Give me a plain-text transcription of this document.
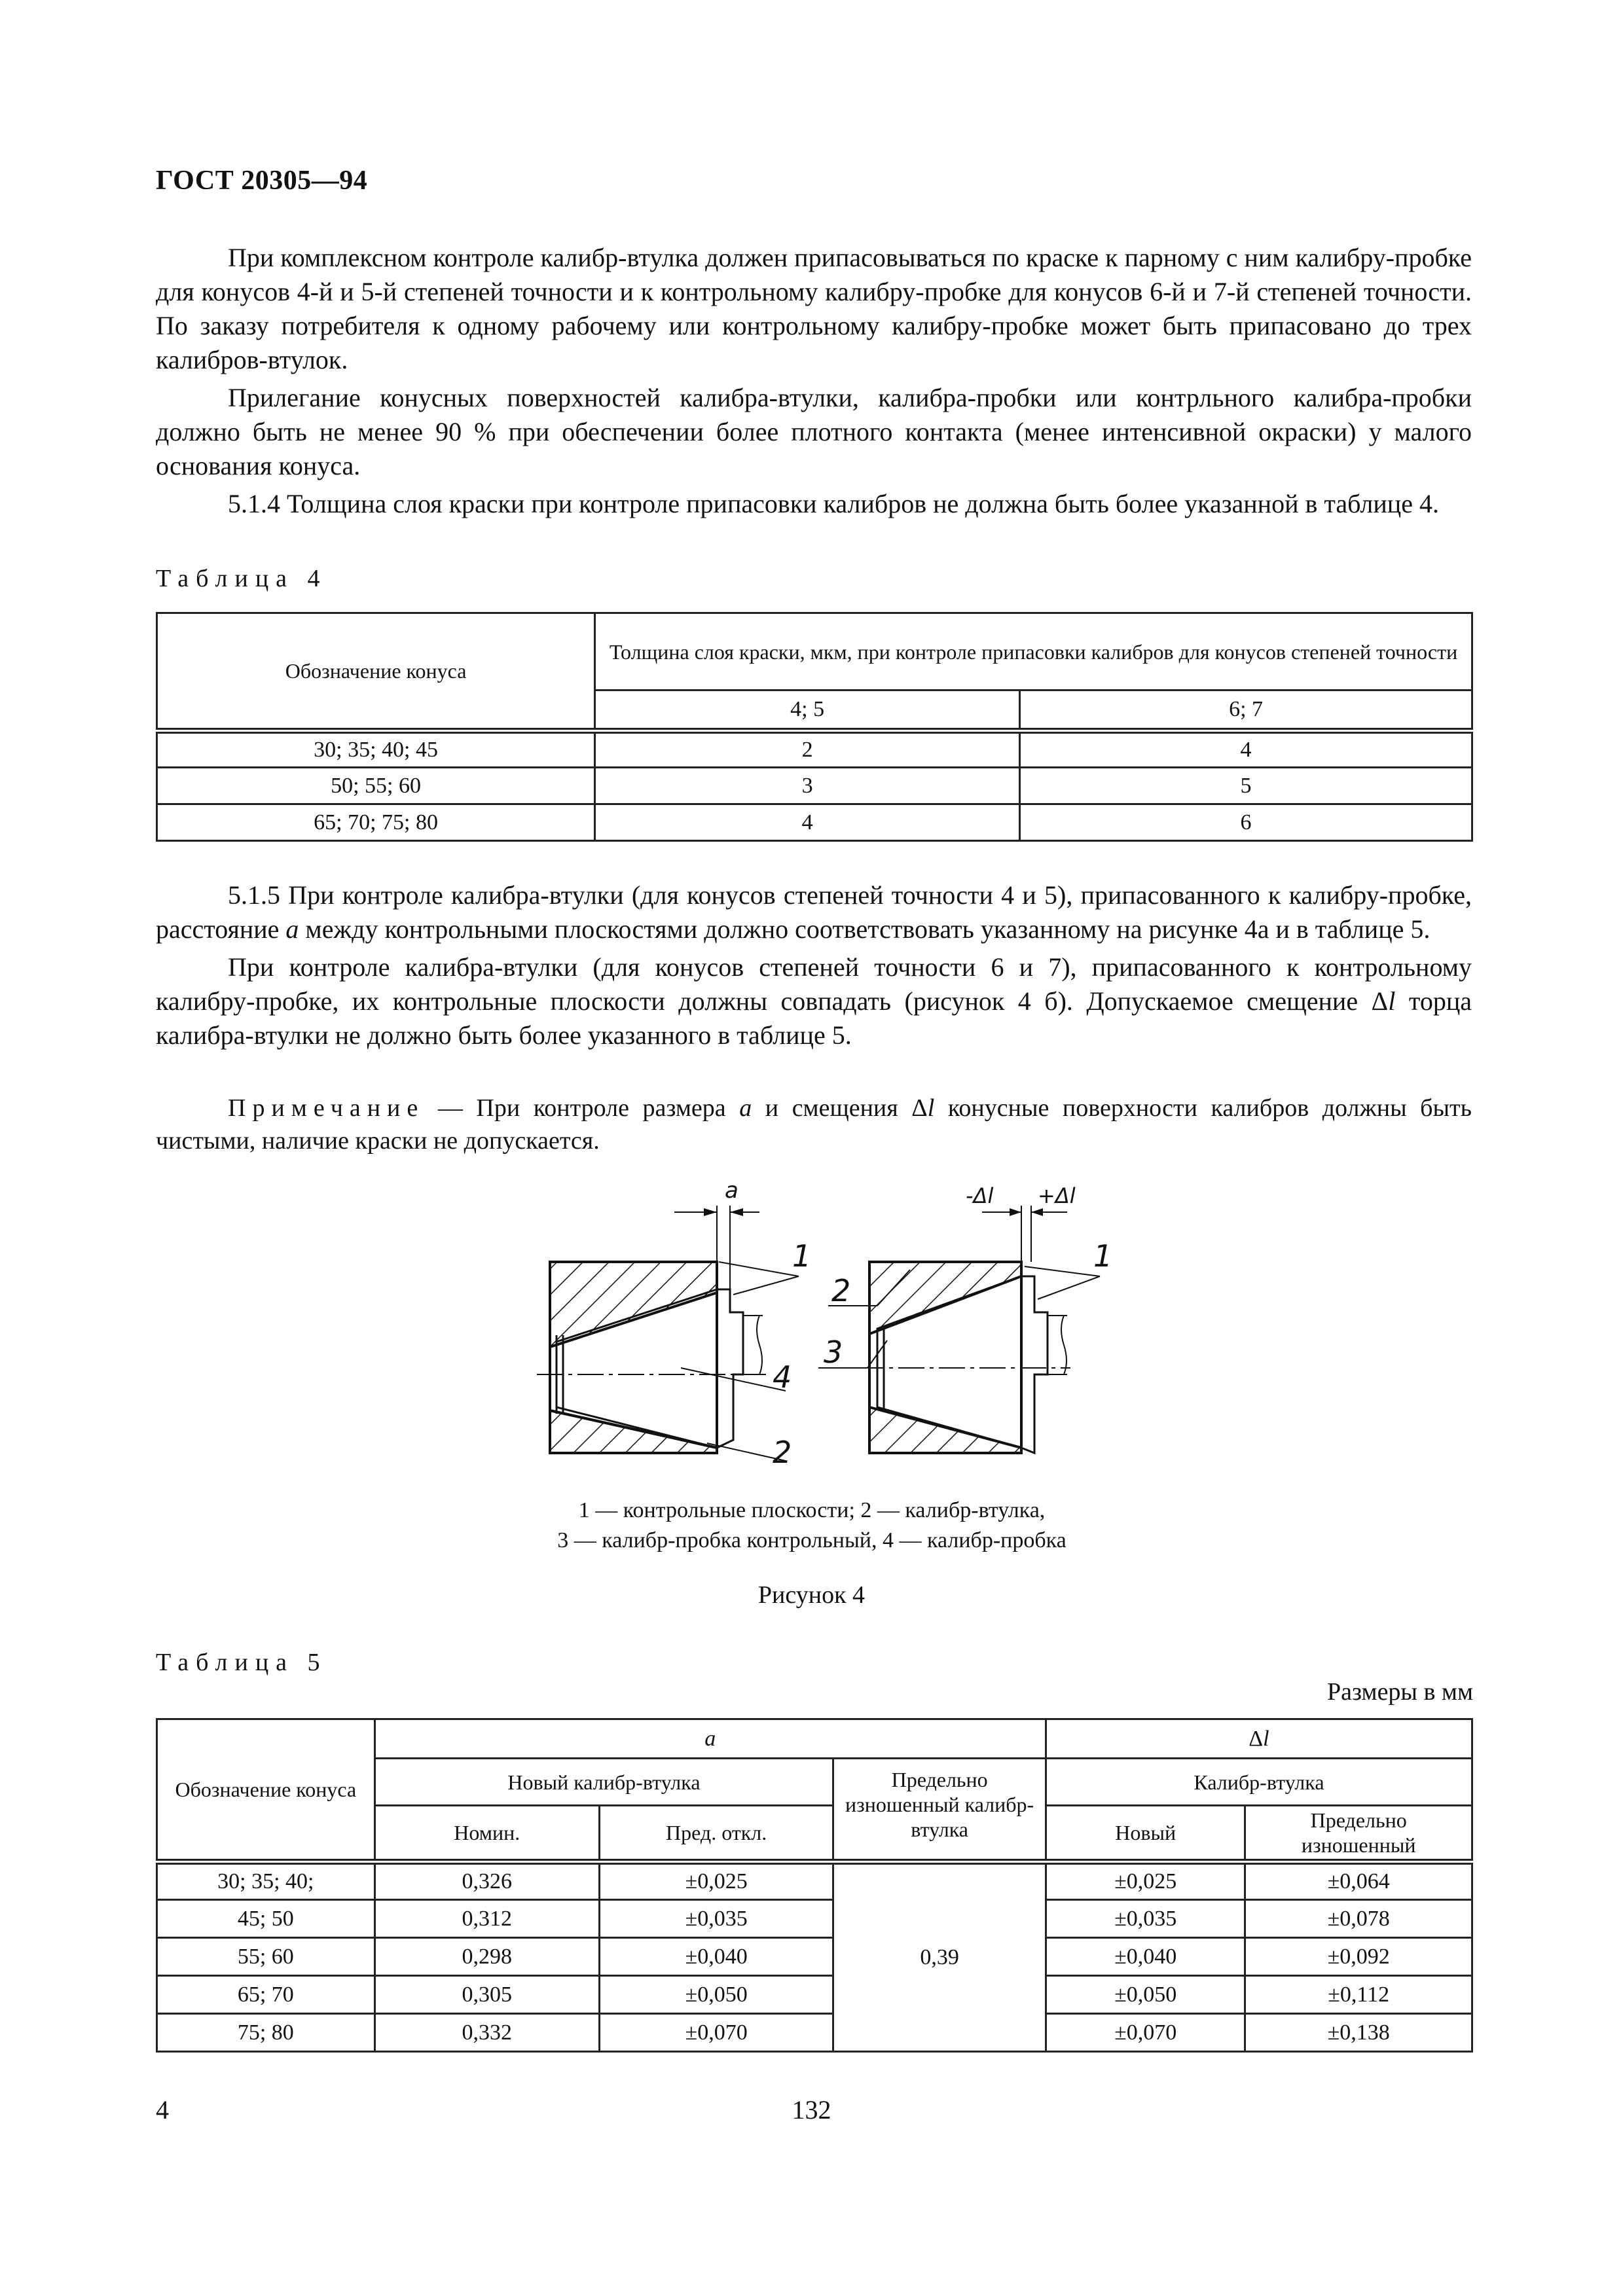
ГОСТ 20305—94

При комплексном контроле калибр-втулка должен припасовываться по краске к парному с ним калибру-пробке для конусов 4-й и 5-й степеней точности и к контрольному калибру-пробке для конусов 6-й и 7-й степеней точности. По заказу потребителя к одному рабочему или контрольному калибру-пробке может быть припасовано до трех калибров-втулок.

Прилегание конусных поверхностей калибра-втулки, калибра-пробки или контрльного калибра-пробки должно быть не менее 90 % при обеспечении более плотного контакта (менее интенсивной окраски) у малого основания конуса.

5.1.4 Толщина слоя краски при контроле припасовки калибров не должна быть более указанной в таблице 4.

Таблица 4
Обозначение конуса	Толщина слоя краски, мкм, при контроле припасовки калибров для конусов степеней точности	
	4; 5	6; 7
30; 35; 40; 45	2	4
50; 55; 60	3	5
65; 70; 75; 80	4	6

5.1.5 При контроле калибра-втулки (для конусов степеней точности 4 и 5), припасованного к калибру-пробке, расстояние a между контрольными плоскостями должно соответствовать указанному на рисунке 4а и в таблице 5.

При контроле калибра-втулки (для конусов степеней точности 6 и 7), припасованного к контрольному калибру-пробке, их контрольные плоскости должны совпадать (рисунок 4 б). Допускаемое смещение Δl торца калибра-втулки не должно быть более указанного в таблице 5.

Примечание — При контроле размера a и смещения Δl конусные поверхности калибров должны быть чистыми, наличие краски не допускается.

a
1
4
2
-Δl +Δl
1
2
3
1 — контрольные плоскости; 2 — калибр-втулка,
3 — калибр-пробка контрольный, 4 — калибр-пробка
Рисунок 4
Таблица 5
Размеры в мм
Обозначение конуса	a			Δl	
	Новый калибр-втулка		Предельно изношенный калибр-втулка	Калибр-втулка	
	Номин.	Пред. откл.		Новый	Предельно изношенный
30; 35; 40;	0,326	±0,025	0,39	±0,025	±0,064
45; 50	0,312	±0,035		±0,035	±0,078
55; 60	0,298	±0,040		±0,040	±0,092
65; 70	0,305	±0,050		±0,050	±0,112
75; 80	0,332	±0,070		±0,070	±0,138
4	132
